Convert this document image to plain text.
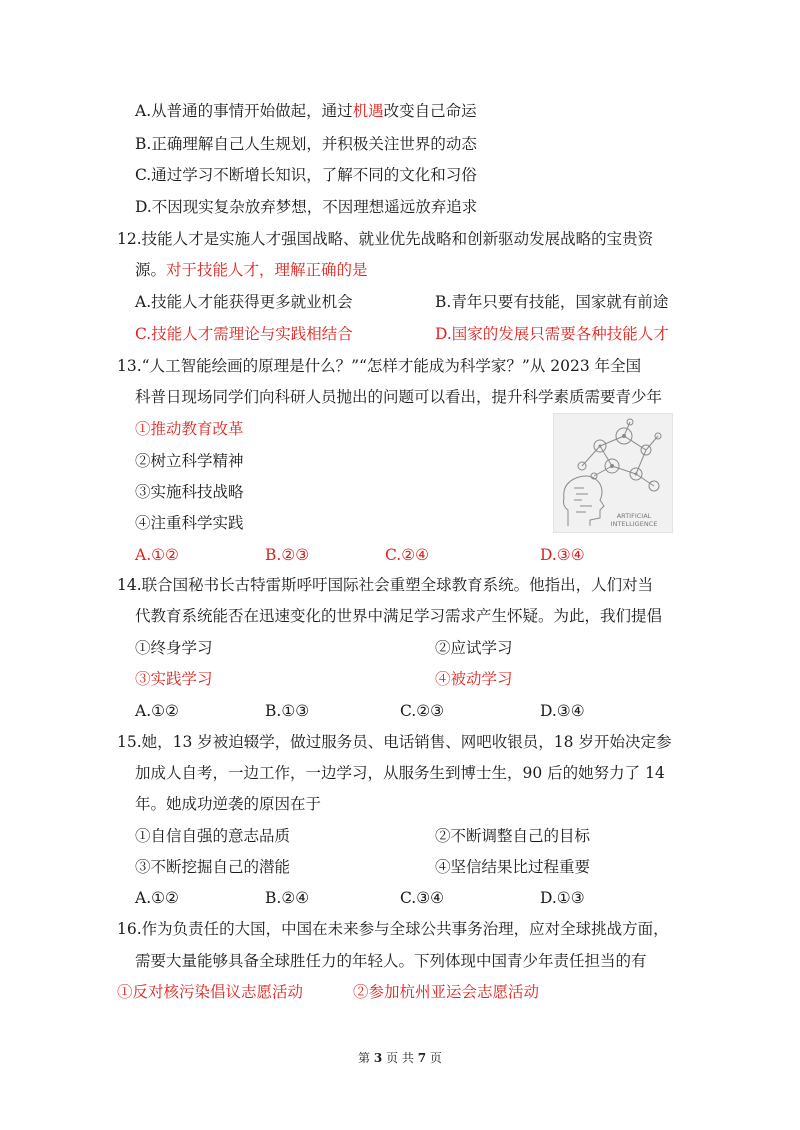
A.从普通的事情开始做起，通过机遇改变自己命运
B.正确理解自己人生规划，并积极关注世界的动态
C.通过学习不断增长知识，了解不同的文化和习俗
D.不因现实复杂放弃梦想，不因理想遥远放弃追求
12.技能人才是实施人才强国战略、就业优先战略和创新驱动发展战略的宝贵资
源。对于技能人才，理解正确的是
A.技能人才能获得更多就业机会	B.青年只要有技能，国家就有前途
C.技能人才需理论与实践相结合	D.国家的发展只需要各种技能人才
13.“人工智能绘画的原理是什么？”“怎样才能成为科学家？”从 2023 年全国
科普日现场同学们向科研人员抛出的问题可以看出，提升科学素质需要青少年
①推动教育改革
②树立科学精神
③实施科技战略
④注重科学实践
A.①②	B.②③	C.②④	D.③④
ARTIFICIAL
INTELLIGENCE
14.联合国秘书长古特雷斯呼吁国际社会重塑全球教育系统。他指出，人们对当
代教育系统能否在迅速变化的世界中满足学习需求产生怀疑。为此，我们提倡
①终身学习	②应试学习
③实践学习	④被动学习
A.①②	B.①③	C.②③	D.③④
15.她，13 岁被迫辍学，做过服务员、电话销售、网吧收银员，18 岁开始决定参
加成人自考，一边工作，一边学习，从服务生到博士生，90 后的她努力了 14
年。她成功逆袭的原因在于
①自信自强的意志品质	②不断调整自己的目标
③不断挖掘自己的潜能	④坚信结果比过程重要
A.①②	B.②④	C.③④	D.①③
16.作为负责任的大国，中国在未来参与全球公共事务治理，应对全球挑战方面，
需要大量能够具备全球胜任力的年轻人。下列体现中国青少年责任担当的有
①反对核污染倡议志愿活动	②参加杭州亚运会志愿活动
第 3 页 共 7 页
